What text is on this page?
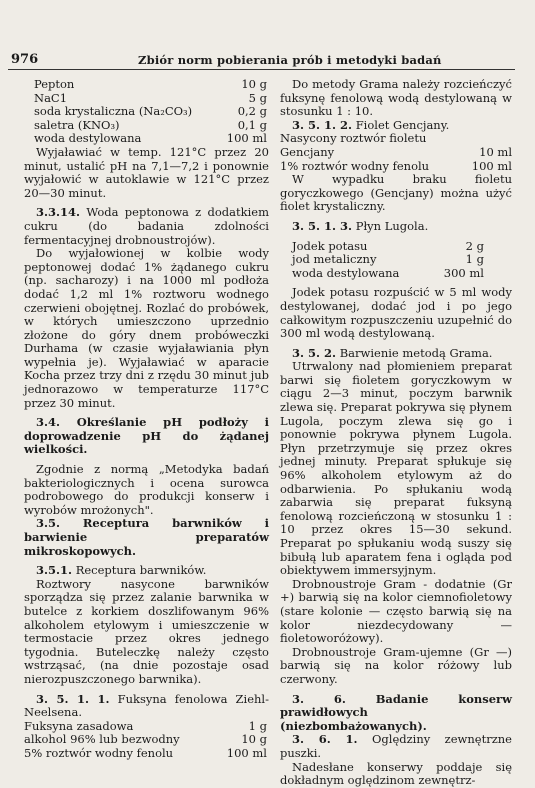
976	Zbiór norm pobierania prób i metodyki badań
Pepton	10 g
NaC1	5 g
soda krystaliczna (Na₂CO₃)	0,2 g
saletra (KNO₃)	0,1 g
woda destylowana	100 ml

Wyjaławiać w temp. 121°C przez 20 minut, ustalić pH na 7,1—7,2 i ponownie wyjałowić w autoklawie w 121°C przez 20—30 minut.

3.3.14. Woda peptonowa z dodatkiem cukru (do badania zdolności fermentacyjnej drobnoustrojów).

Do wyjałowionej w kolbie wody peptonowej dodać 1% żądanego cukru (np. sacharozy) i na 1000 ml podłoża dodać 1,2 ml 1% roztworu wodnego czerwieni obojętnej. Rozlać do probówek, w których umieszczono uprzednio złożone do góry dnem probóweczki Durhama (w czasie wyjaławiania płyn wypełnia je). Wyjaławiać w aparacie Kocha przez trzy dni z rzędu 30 minut jub jednorazowo w temperaturze 117°C przez 30 minut.

3.4. Określanie pH podłoży i doprowadzenie pH do żądanej wielkości.

Zgodnie z normą „Metodyka badań bakteriologicznych i ocena surowca podrobowego do produkcji konserw i wyrobów mrożonych".

3.5. Receptura barwników i barwienie preparatów mikroskopowych.

3.5.1. Receptura barwników.

Roztwory nasycone barwników sporządza się przez zalanie barwnika w butelce z korkiem doszlifowanym 96% alkoholem etylowym i umieszczenie w termostacie przez okres jednego tygodnia. Buteleczkę należy często wstrząsać, (na dnie pozostaje osad nierozpuszczonego barwnika).

3. 5. 1. 1. Fuksyna fenolowa Ziehl-Neelsena.

Fuksyna zasadowa	1 g
alkohol 96% lub bezwodny	10 g
5% roztwór wodny fenolu	100 ml

Do metody Grama należy rozcieńczyć fuksynę fenolową wodą destylowaną w stosunku 1 : 10.

3. 5. 1. 2. Fiolet Gencjany.

Nasycony roztwór fioletu

Gencjany	10 ml
1% roztwór wodny fenolu	100 ml

W wypadku braku fioletu goryczkowego (Gencjany) można użyć fiolet krystaliczny.

3. 5. 1. 3. Płyn Lugola.

Jodek potasu	2 g
jod metaliczny	1 g
woda destylowana	300 ml

Jodek potasu rozpuścić w 5 ml wody destylowanej, dodać jod i po jego całkowitym rozpuszczeniu uzupełnić do 300 ml wodą destylowaną.

3. 5. 2. Barwienie metodą Grama.

Utrwalony nad płomieniem preparat barwi się fioletem goryczkowym w ciągu 2—3 minut, poczym barwnik zlewa się. Preparat pokrywa się płynem Lugola, poczym zlewa się go i ponownie pokrywa płynem Lugola. Płyn przetrzymuje się przez okres jednej minuty. Preparat spłukuje się 96% alkoholem etylowym aż do odbarwienia. Po spłukaniu wodą zabarwia się preparat fuksyną fenolową rozcieńczoną w stosunku 1 : 10 przez okres 15—30 sekund. Preparat po spłukaniu wodą suszy się bibułą lub aparatem fena i ogląda pod obiektywem immersyjnym.

Drobnoustroje Gram - dodatnie (Gr +) barwią się na kolor ciemnofioletowy (stare kolonie — często barwią się na kolor niezdecydowany — fioletoworóżowy).

Drobnoustroje Gram-ujemne (Gr —) barwią się na kolor różowy lub czerwony.

3. 6. Badanie konserw prawidłowych (niezbombażowanych).

3. 6. 1. Oględziny zewnętrzne puszki.

Nadesłane konserwy poddaje się dokładnym oględzinom zewnętrz-
